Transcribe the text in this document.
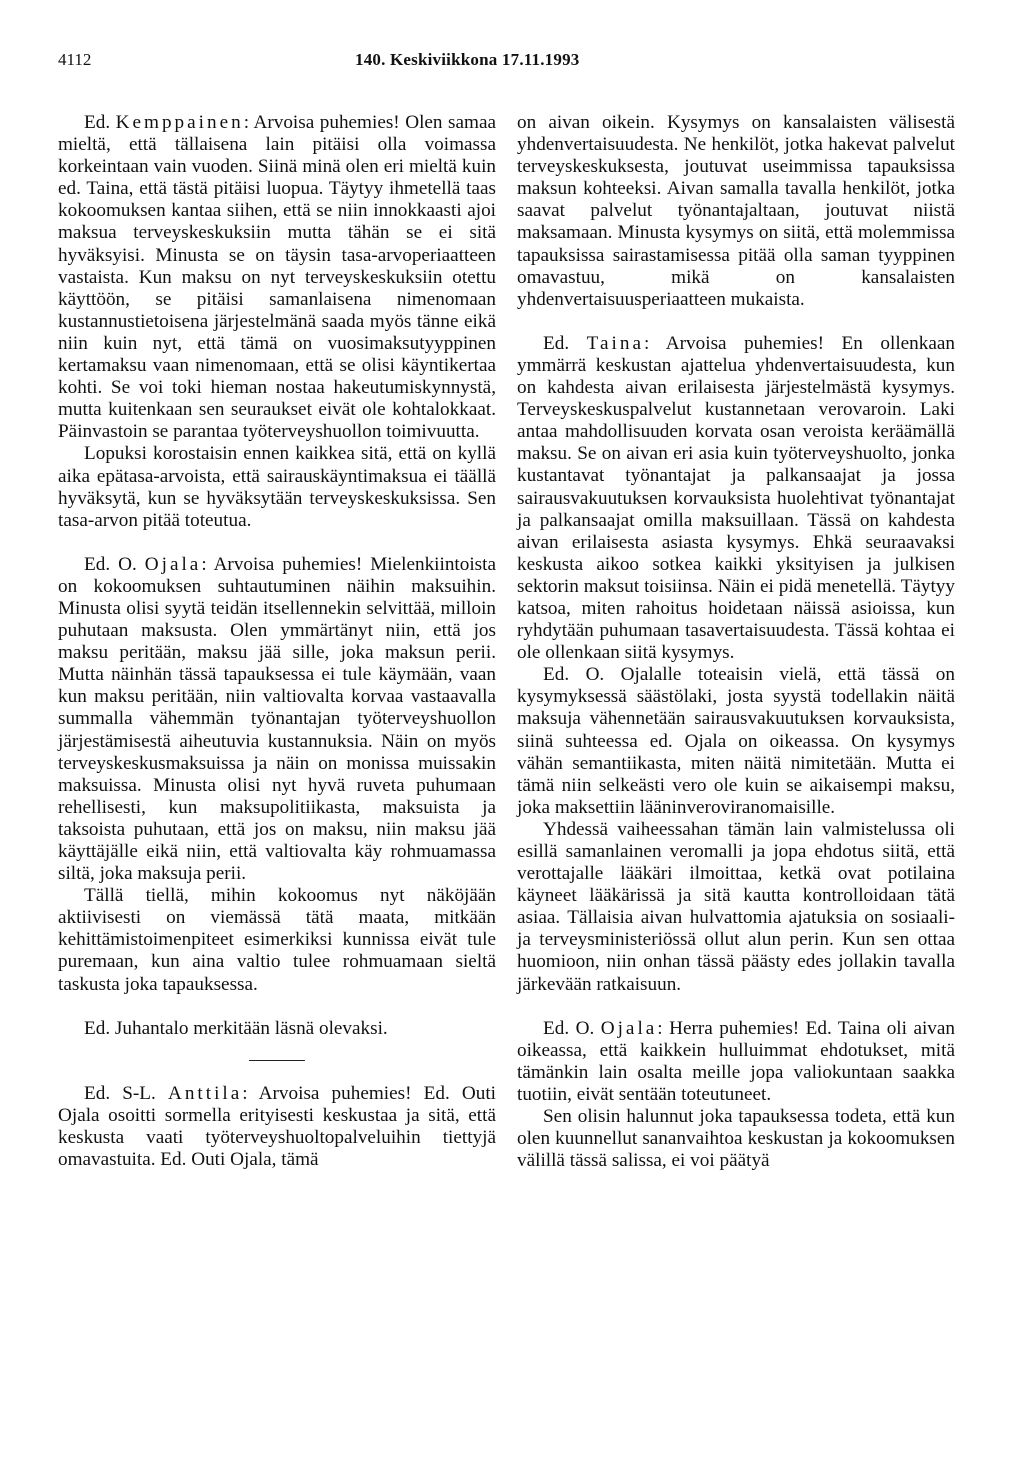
4112	140. Keskiviikkona 17.11.1993

Ed. Kemppainen: Arvoisa puhemies! Olen samaa mieltä, että tällaisena lain pitäisi olla voimassa korkeintaan vain vuoden. Siinä minä olen eri mieltä kuin ed. Taina, että tästä pitäisi luopua. Täytyy ihmetellä taas kokoomuksen kantaa siihen, että se niin innokkaasti ajoi maksua terveyskeskuksiin mutta tähän se ei sitä hyväksyisi. Minusta se on täysin tasa-arvoperiaatteen vastaista. Kun maksu on nyt terveyskeskuksiin otettu käyttöön, se pitäisi samanlaisena nimenomaan kustannustietoisena järjestelmänä saada myös tänne eikä niin kuin nyt, että tämä on vuosimaksutyyppinen kertamaksu vaan nimenomaan, että se olisi käyntikertaa kohti. Se voi toki hieman nostaa hakeutumiskynnystä, mutta kuitenkaan sen seuraukset eivät ole kohtalokkaat. Päinvastoin se parantaa työterveyshuollon toimivuutta.

Lopuksi korostaisin ennen kaikkea sitä, että on kyllä aika epätasa-arvoista, että sairauskäyntimaksua ei täällä hyväksytä, kun se hyväksytään terveyskeskuksissa. Sen tasa-arvon pitää toteutua.

Ed. O. Ojala: Arvoisa puhemies! Mielenkiintoista on kokoomuksen suhtautuminen näihin maksuihin. Minusta olisi syytä teidän itsellennekin selvittää, milloin puhutaan maksusta. Olen ymmärtänyt niin, että jos maksu peritään, maksu jää sille, joka maksun perii. Mutta näinhän tässä tapauksessa ei tule käymään, vaan kun maksu peritään, niin valtiovalta korvaa vastaavalla summalla vähemmän työnantajan työterveyshuollon järjestämisestä aiheutuvia kustannuksia. Näin on myös terveyskeskusmaksuissa ja näin on monissa muissakin maksuissa. Minusta olisi nyt hyvä ruveta puhumaan rehellisesti, kun maksupolitiikasta, maksuista ja taksoista puhutaan, että jos on maksu, niin maksu jää käyttäjälle eikä niin, että valtiovalta käy rohmuamassa siltä, joka maksuja perii.

Tällä tiellä, mihin kokoomus nyt näköjään aktiivisesti on viemässä tätä maata, mitkään kehittämistoimenpiteet esimerkiksi kunnissa eivät tule puremaan, kun aina valtio tulee rohmuamaan sieltä taskusta joka tapauksessa.

Ed. Juhantalo merkitään läsnä olevaksi.

Ed. S-L. Anttila: Arvoisa puhemies! Ed. Outi Ojala osoitti sormella erityisesti keskustaa ja sitä, että keskusta vaati työterveyshuoltopalveluihin tiettyjä omavastuita. Ed. Outi Ojala, tämä

on aivan oikein. Kysymys on kansalaisten välisestä yhdenvertaisuudesta. Ne henkilöt, jotka hakevat palvelut terveyskeskuksesta, joutuvat useimmissa tapauksissa maksun kohteeksi. Aivan samalla tavalla henkilöt, jotka saavat palvelut työnantajaltaan, joutuvat niistä maksamaan. Minusta kysymys on siitä, että molemmissa tapauksissa sairastamisessa pitää olla saman tyyppinen omavastuu, mikä on kansalaisten yhdenvertaisuusperiaatteen mukaista.

Ed. Taina: Arvoisa puhemies! En ollenkaan ymmärrä keskustan ajattelua yhdenvertaisuudesta, kun on kahdesta aivan erilaisesta järjestelmästä kysymys. Terveyskeskuspalvelut kustannetaan verovaroin. Laki antaa mahdollisuuden korvata osan veroista keräämällä maksu. Se on aivan eri asia kuin työterveyshuolto, jonka kustantavat työnantajat ja palkansaajat ja jossa sairausvakuutuksen korvauksista huolehtivat työnantajat ja palkansaajat omilla maksuillaan. Tässä on kahdesta aivan erilaisesta asiasta kysymys. Ehkä seuraavaksi keskusta aikoo sotkea kaikki yksityisen ja julkisen sektorin maksut toisiinsa. Näin ei pidä menetellä. Täytyy katsoa, miten rahoitus hoidetaan näissä asioissa, kun ryhdytään puhumaan tasavertaisuudesta. Tässä kohtaa ei ole ollenkaan siitä kysymys.

Ed. O. Ojalalle toteaisin vielä, että tässä on kysymyksessä säästölaki, josta syystä todellakin näitä maksuja vähennetään sairausvakuutuksen korvauksista, siinä suhteessa ed. Ojala on oikeassa. On kysymys vähän semantiikasta, miten näitä nimitetään. Mutta ei tämä niin selkeästi vero ole kuin se aikaisempi maksu, joka maksettiin lääninveroviranomaisille.

Yhdessä vaiheessahan tämän lain valmistelussa oli esillä samanlainen veromalli ja jopa ehdotus siitä, että verottajalle lääkäri ilmoittaa, ketkä ovat potilaina käyneet lääkärissä ja sitä kautta kontrolloidaan tätä asiaa. Tällaisia aivan hulvattomia ajatuksia on sosiaali- ja terveysministeriössä ollut alun perin. Kun sen ottaa huomioon, niin onhan tässä päästy edes jollakin tavalla järkevään ratkaisuun.

Ed. O. Ojala: Herra puhemies! Ed. Taina oli aivan oikeassa, että kaikkein hulluimmat ehdotukset, mitä tämänkin lain osalta meille jopa valiokuntaan saakka tuotiin, eivät sentään toteutuneet.

Sen olisin halunnut joka tapauksessa todeta, että kun olen kuunnellut sananvaihtoa keskustan ja kokoomuksen välillä tässä salissa, ei voi päätyä
